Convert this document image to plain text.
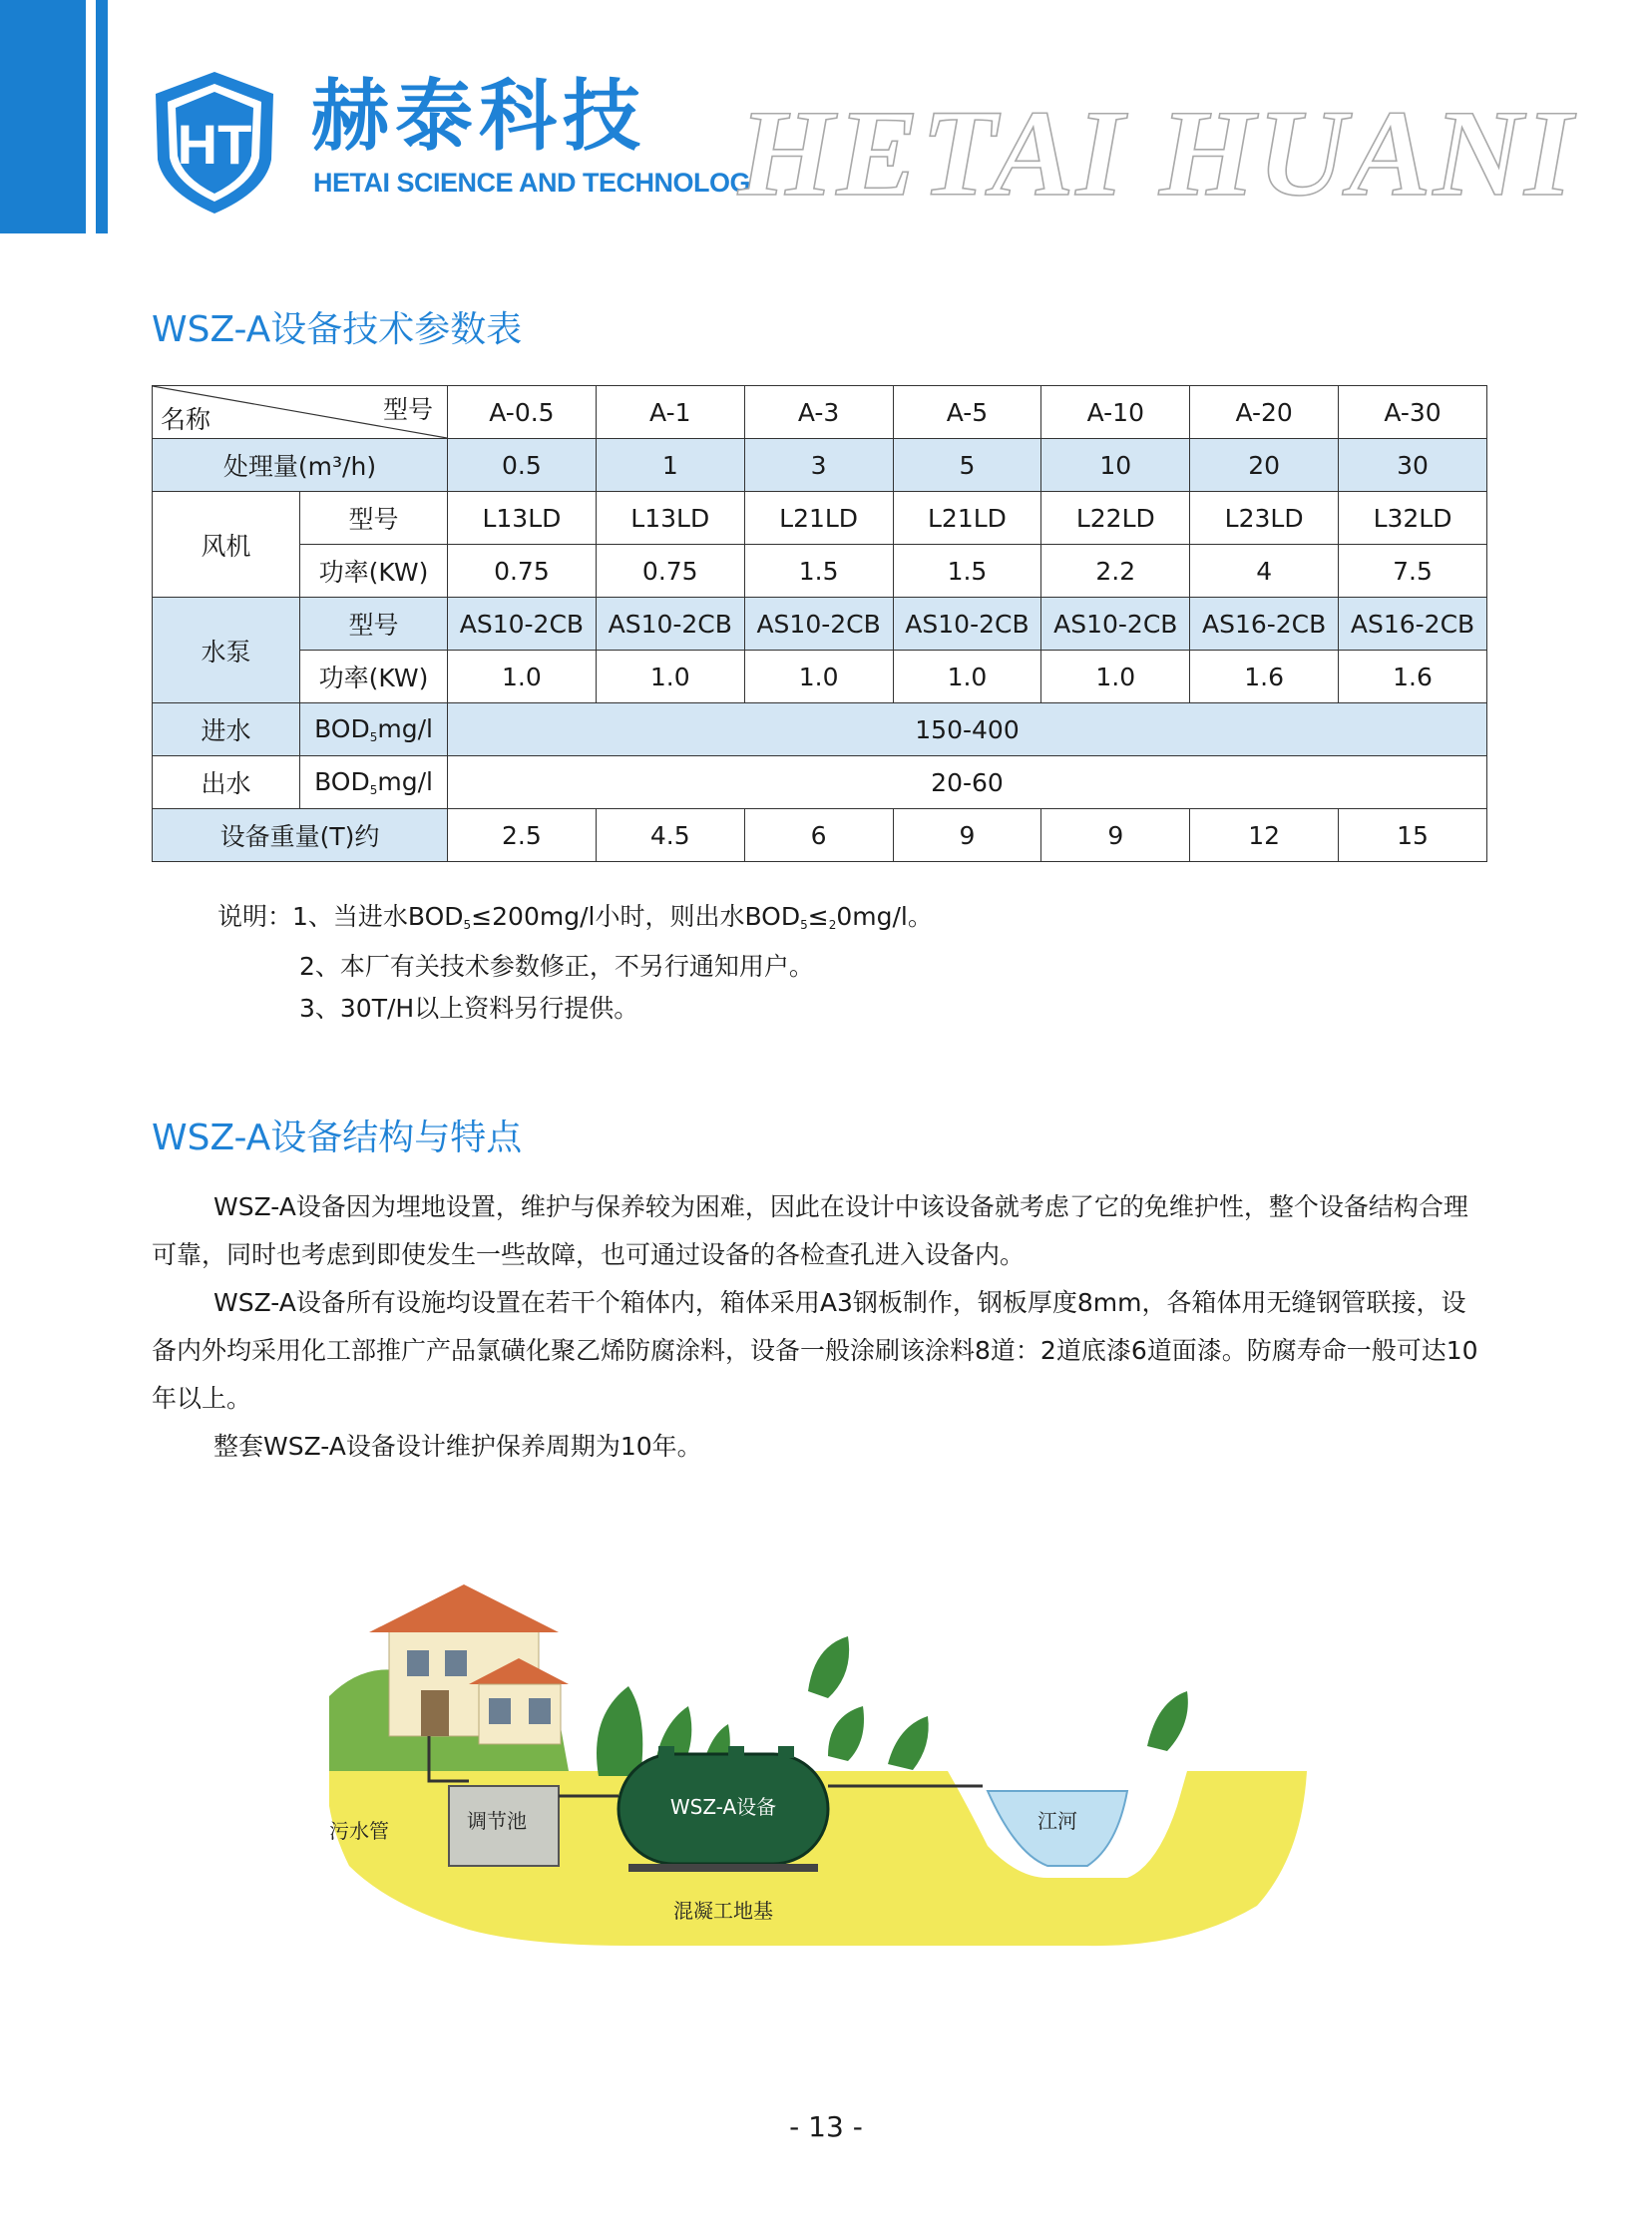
HT 赫泰科技
HETAI SCIENCE AND TECHNOLOGY
HETAI HUANI
WSZ-A设备技术参数表
型号
名称		A-0.5	A-1	A-3	A-5	A-10	A-20	A-30
处理量(m³/h)		0.5	1	3	5	10	20	30
风机	型号	L13LD	L13LD	L21LD	L21LD	L22LD	L23LD	L32LD
	功率(KW)	0.75	0.75	1.5	1.5	2.2	4	7.5
水泵	型号	AS10-2CB	AS10-2CB	AS10-2CB	AS10-2CB	AS10-2CB	AS16-2CB	AS16-2CB
	功率(KW)	1.0	1.0	1.0	1.0	1.0	1.6	1.6
进水	$BOD_5mg/l$	150-400						
出水	$BOD_5mg/l$	20-60						
设备重量(T)约		2.5	4.5	6	9	9	12	15
说明：1、当进水$BOD_5\le 200mg/l$小时，则出水$BOD_5\le_20mg/l$。
2、本厂有关技术参数修正，不另行通知用户。
3、30T/H以上资料另行提供。
WSZ-A设备结构与特点

WSZ-A设备因为埋地设置，维护与保养较为困难，因此在设计中该设备就考虑了它的免维护性，整个设备结构合理可靠，同时也考虑到即使发生一些故障，也可通过设备的各检查孔进入设备内。

WSZ-A设备所有设施均设置在若干个箱体内，箱体采用A3钢板制作，钢板厚度8mm，各箱体用无缝钢管联接，设备内外均采用化工部推广产品氯磺化聚乙烯防腐涂料，设备一般涂刷该涂料8道：2道底漆6道面漆。防腐寿命一般可达10年以上。

整套WSZ-A设备设计维护保养周期为10年。

污水管	调节池
WSZ-A设备
混凝工地基
江河
- 13 -
